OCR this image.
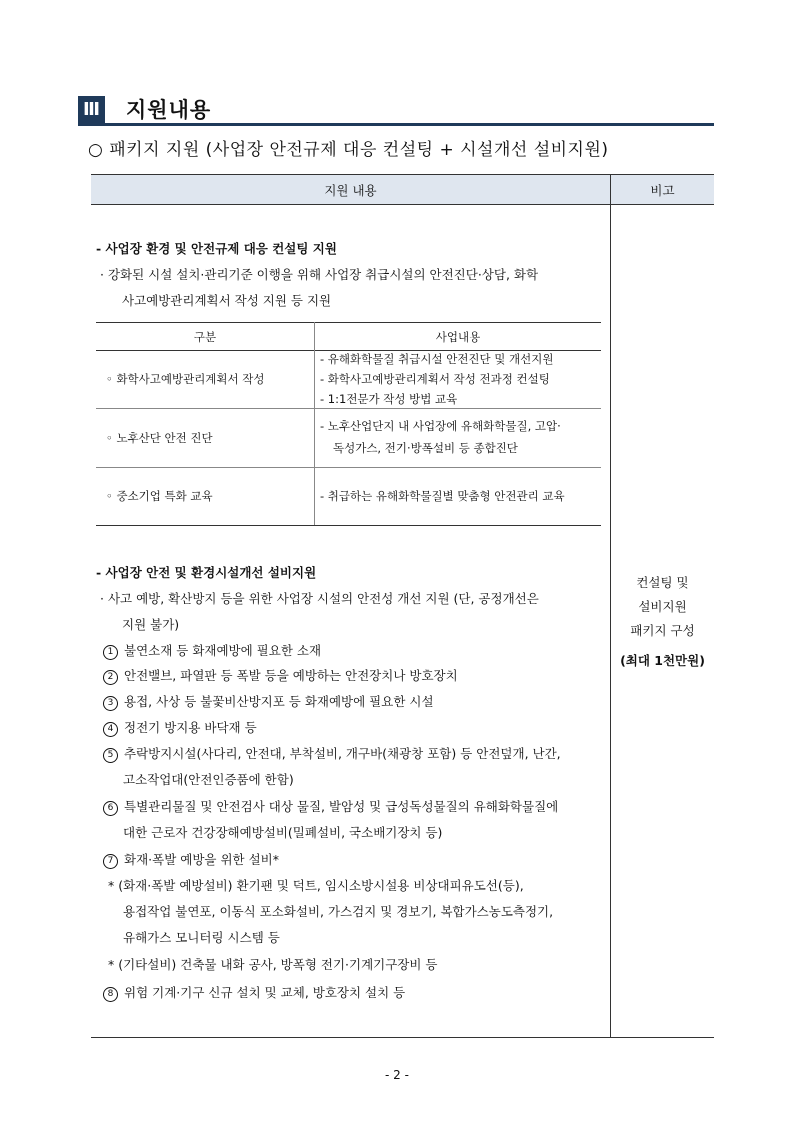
Ⅲ 지원내용
○ 패키지 지원 (사업장 안전규제 대응 컨설팅 + 시설개선 설비지원)
지원 내용	비고
- 사업장 환경 및 안전규제 대응 컨설팅 지원
· 강화된 시설 설치·관리기준 이행을 위해 사업장 취급시설의 안전진단·상담, 화학
사고예방관리계획서 작성 지원 등 지원
구분	사업내용
◦ 화학사고예방관리계획서 작성
- 유해화학물질 취급시설 안전진단 및 개선지원
- 화학사고예방관리계획서 작성 전과정 컨설팅
- 1:1전문가 작성 방법 교육
◦ 노후산단 안전 진단
- 노후산업단지 내 사업장에 유해화학물질, 고압·
독성가스, 전기·방폭설비 등 종합진단
◦ 중소기업 특화 교육	- 취급하는 유해화학물질별 맞춤형 안전관리 교육
- 사업장 안전 및 환경시설개선 설비지원
· 사고 예방, 확산방지 등을 위한 사업장 시설의 안전성 개선 지원 (단, 공정개선은
지원 불가)
1 불연소재 등 화재예방에 필요한 소재
2 안전밸브, 파열판 등 폭발 등을 예방하는 안전장치나 방호장치
3 용접, 사상 등 불꽃비산방지포 등 화재예방에 필요한 시설
4 정전기 방지용 바닥재 등
5 추락방지시설(사다리, 안전대, 부착설비, 개구바(채광창 포함) 등 안전덮개, 난간,
고소작업대(안전인증품에 한함)
6 특별관리물질 및 안전검사 대상 물질, 발암성 및 급성독성물질의 유해화학물질에
대한 근로자 건강장해예방설비(밀폐설비, 국소배기장치 등)
7 화재·폭발 예방을 위한 설비*
* (화재·폭발 예방설비) 환기팬 및 덕트, 임시소방시설용 비상대피유도선(등),
용접작업 불연포, 이동식 포소화설비, 가스검지 및 경보기, 복합가스농도측정기,
유해가스 모니터링 시스템 등
* (기타설비) 건축물 내화 공사, 방폭형 전기·기계기구장비 등
8 위험 기계·기구 신규 설치 및 교체, 방호장치 설치 등
컨설팅 및
설비지원
패키지 구성
(최대 1천만원)
- 2 -
